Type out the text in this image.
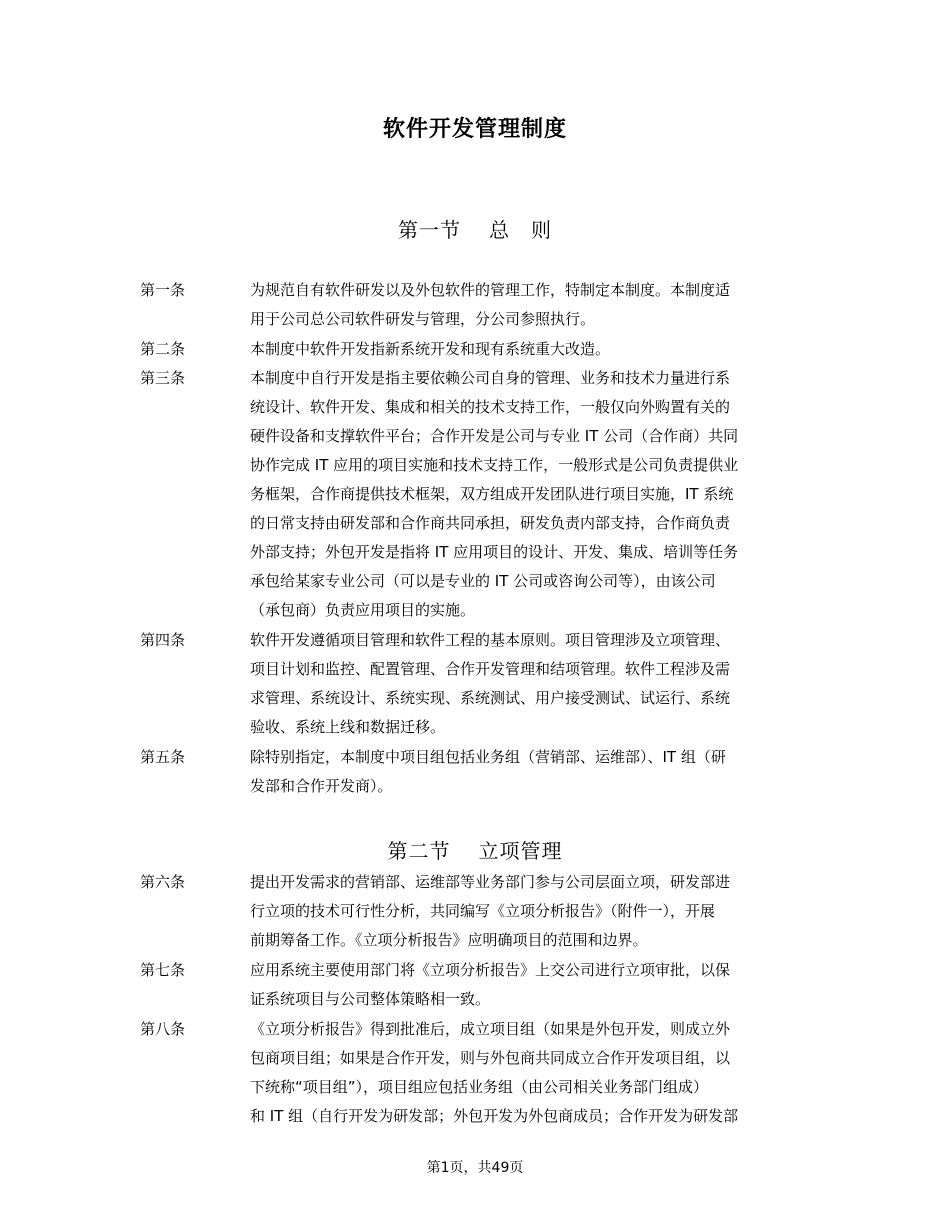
软件开发管理制度
第一节 总　则
第一条	为规范自有软件研发以及外包软件的管理工作，特制定本制度。本制度适
用于公司总公司软件研发与管理，分公司参照执行。
第二条	本制度中软件开发指新系统开发和现有系统重大改造。
第三条	本制度中自行开发是指主要依赖公司自身的管理、业务和技术力量进行系
统设计、软件开发、集成和相关的技术支持工作，一般仅向外购置有关的
硬件设备和支撑软件平台；合作开发是公司与专业 IT 公司（合作商）共同
协作完成 IT 应用的项目实施和技术支持工作，一般形式是公司负责提供业
务框架，合作商提供技术框架，双方组成开发团队进行项目实施，IT 系统
的日常支持由研发部和合作商共同承担，研发负责内部支持，合作商负责
外部支持；外包开发是指将 IT 应用项目的设计、开发、集成、培训等任务
承包给某家专业公司（可以是专业的 IT 公司或咨询公司等），由该公司
（承包商）负责应用项目的实施。
第四条	软件开发遵循项目管理和软件工程的基本原则。项目管理涉及立项管理、
项目计划和监控、配置管理、合作开发管理和结项管理。软件工程涉及需
求管理、系统设计、系统实现、系统测试、用户接受测试、试运行、系统
验收、系统上线和数据迁移。
第五条	除特别指定，本制度中项目组包括业务组（营销部、运维部）、IT 组（研
发部和合作开发商）。
第二节 立项管理
第六条	提出开发需求的营销部、运维部等业务部门参与公司层面立项，研发部进
行立项的技术可行性分析，共同编写《立项分析报告》（附件一），开展
前期筹备工作。《立项分析报告》应明确项目的范围和边界。
第七条	应用系统主要使用部门将《立项分析报告》上交公司进行立项审批，以保
证系统项目与公司整体策略相一致。
第八条	《立项分析报告》得到批准后，成立项目组（如果是外包开发，则成立外
包商项目组；如果是合作开发，则与外包商共同成立合作开发项目组，以
下统称“项目组”），项目组应包括业务组（由公司相关业务部门组成）
和 IT 组（自行开发为研发部；外包开发为外包商成员；合作开发为研发部
第1页，共49页
